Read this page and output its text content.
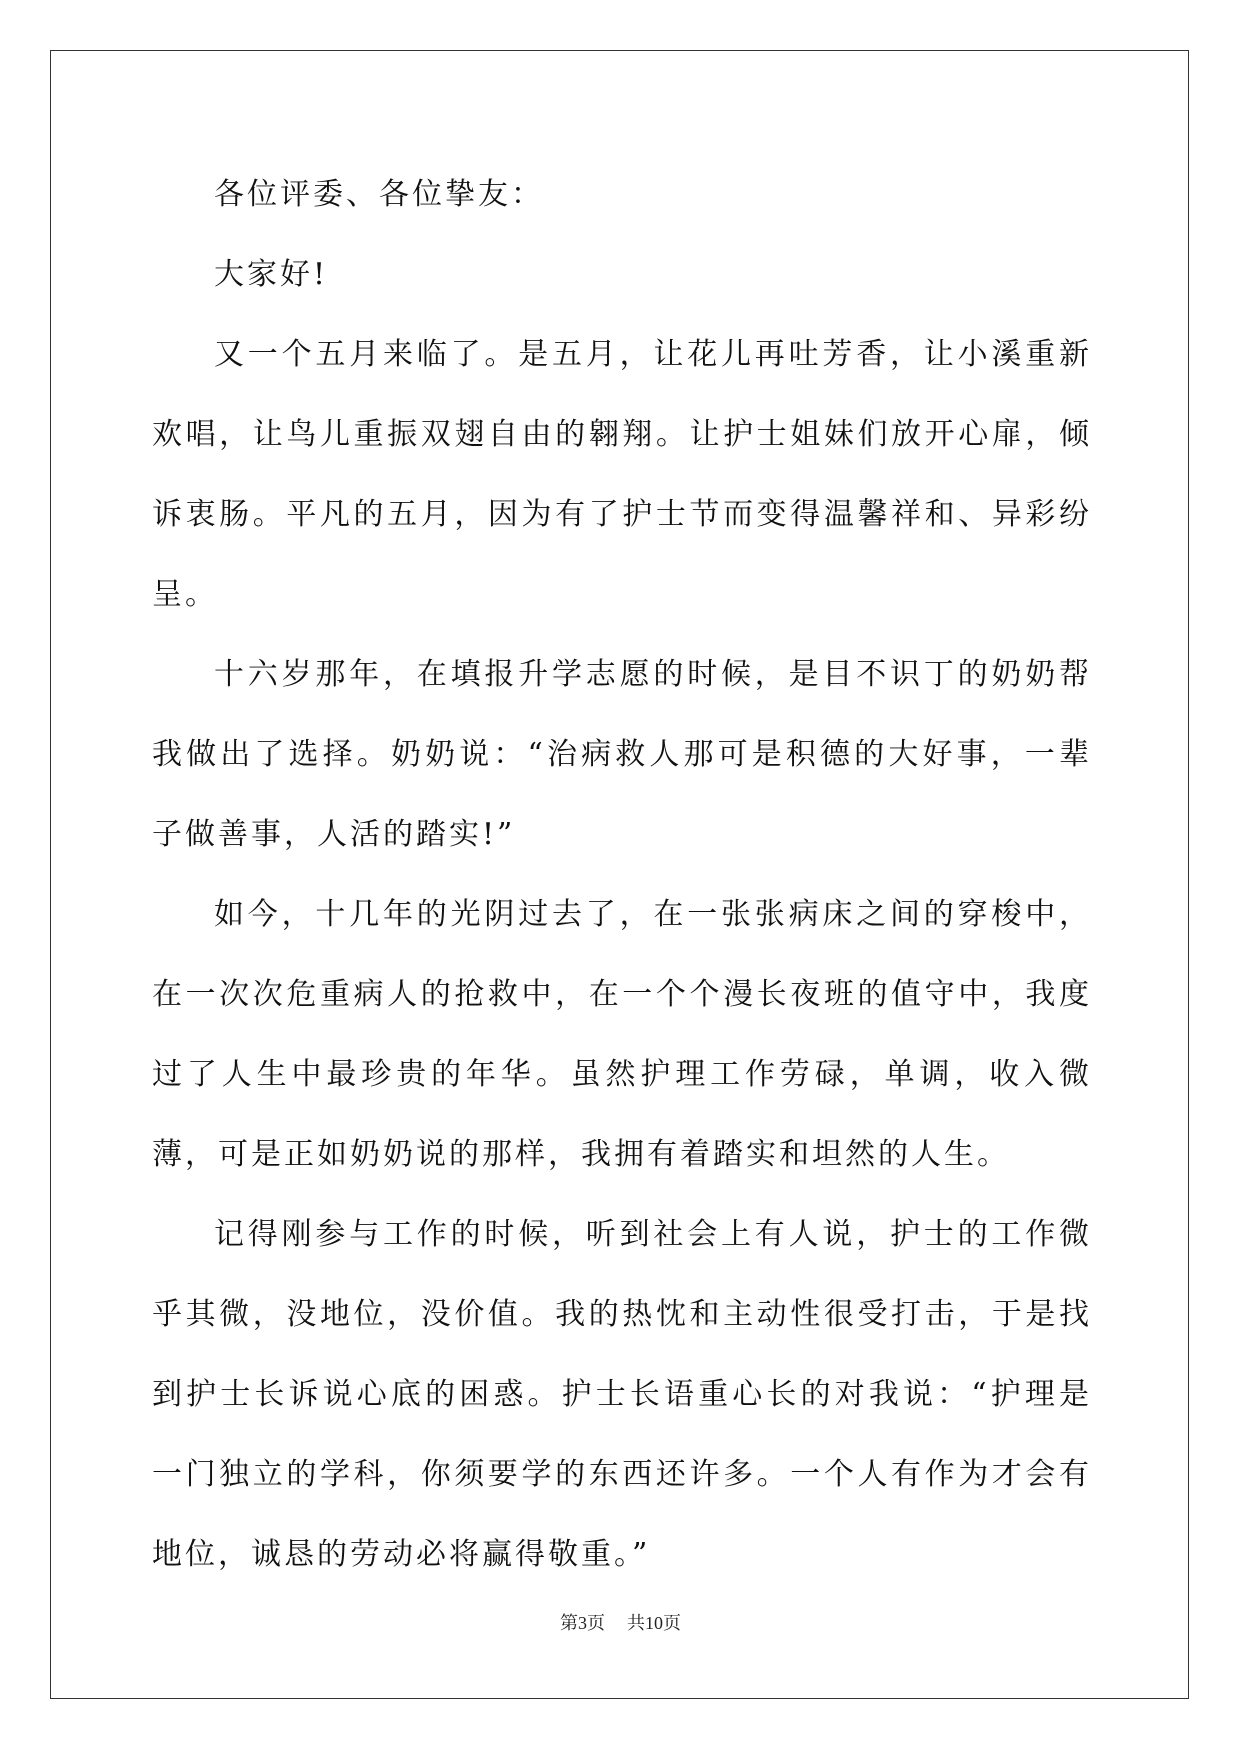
各位评委、各位挚友：

大家好!

又一个五月来临了。是五月，让花儿再吐芳香，让小溪重新欢唱，让鸟儿重振双翅自由的翱翔。让护士姐妹们放开心扉，倾诉衷肠。平凡的五月，因为有了护士节而变得温馨祥和、异彩纷呈。

十六岁那年，在填报升学志愿的时候，是目不识丁的奶奶帮我做出了选择。奶奶说：“治病救人那可是积德的大好事，一辈子做善事，人活的踏实!”

如今，十几年的光阴过去了，在一张张病床之间的穿梭中，在一次次危重病人的抢救中，在一个个漫长夜班的值守中，我度过了人生中最珍贵的年华。虽然护理工作劳碌，单调，收入微薄，可是正如奶奶说的那样，我拥有着踏实和坦然的人生。

记得刚参与工作的时候，听到社会上有人说，护士的工作微乎其微，没地位，没价值。我的热忱和主动性很受打击，于是找到护士长诉说心底的困惑。护士长语重心长的对我说：“护理是一门独立的学科，你须要学的东西还许多。一个人有作为才会有地位，诚恳的劳动必将赢得敬重。”

第3页 共10页
